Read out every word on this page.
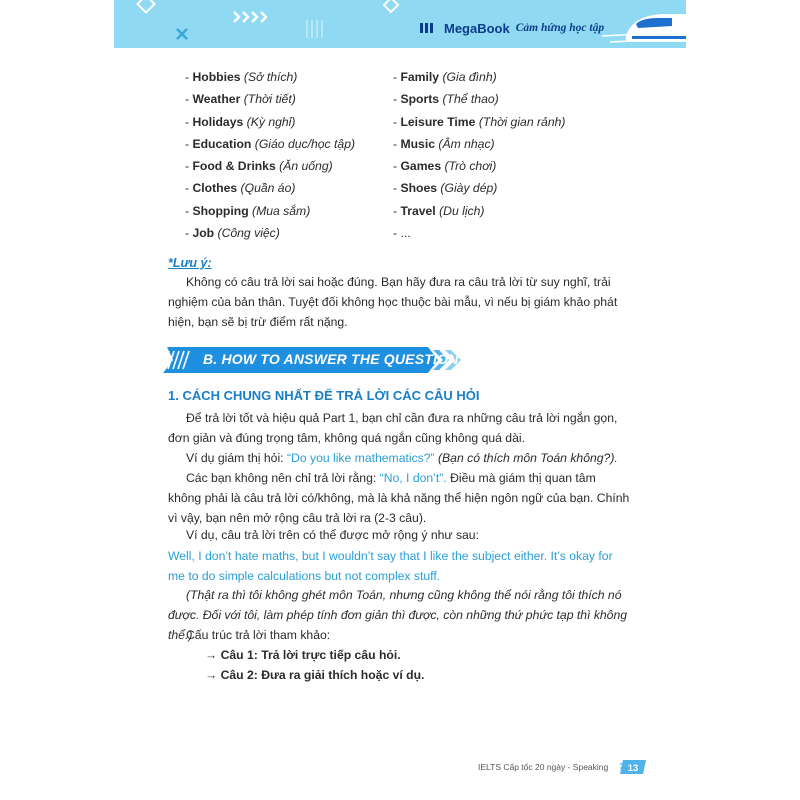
MegaBook Cảm hứng học tập
- Hobbies (Sở thích)
- Weather (Thời tiết)
- Holidays (Kỳ nghỉ)
- Education (Giáo dục/học tập)
- Food & Drinks (Ăn uống)
- Clothes (Quần áo)
- Shopping (Mua sắm)
- Job (Công việc)
- Family (Gia đình)
- Sports (Thể thao)
- Leisure Time (Thời gian rảnh)
- Music (Âm nhạc)
- Games (Trò chơi)
- Shoes (Giày dép)
- Travel (Du lịch)
- ...
*Lưu ý:
Không có câu trả lời sai hoặc đúng. Bạn hãy đưa ra câu trả lời từ suy nghĩ, trải nghiệm của bản thân. Tuyệt đối không học thuộc bài mẫu, vì nếu bị giám khảo phát hiện, bạn sẽ bị trừ điểm rất nặng.
B. HOW TO ANSWER THE QUESTIONS
1. CÁCH CHUNG NHẤT ĐỂ TRẢ LỜI CÁC CÂU HỎI
Để trả lời tốt và hiệu quả Part 1, bạn chỉ cần đưa ra những câu trả lời ngắn gọn, đơn giản và đúng trọng tâm, không quá ngắn cũng không quá dài.
Ví dụ giám thị hỏi: “Do you like mathematics?” (Bạn có thích môn Toán không?).
Các bạn không nên chỉ trả lời rằng: “No, I don’t”. Điều mà giám thị quan tâm không phải là câu trả lời có/không, mà là khả năng thể hiện ngôn ngữ của bạn. Chính vì vậy, bạn nên mở rộng câu trả lời ra (2-3 câu).
Ví dụ, câu trả lời trên có thể được mở rộng ý như sau:
Well, I don’t hate maths, but I wouldn’t say that I like the subject either. It’s okay for me to do simple calculations but not complex stuff.
(Thật ra thì tôi không ghét môn Toán, nhưng cũng không thể nói rằng tôi thích nó được. Đối với tôi, làm phép tính đơn giản thì được, còn những thứ phức tạp thì không thể.)
Cấu trúc trả lời tham khảo:
→ Câu 1: Trả lời trực tiếp câu hỏi.
→ Câu 2: Đưa ra giải thích hoặc ví dụ.
IELTS Cấp tốc 20 ngày - Speaking 13
